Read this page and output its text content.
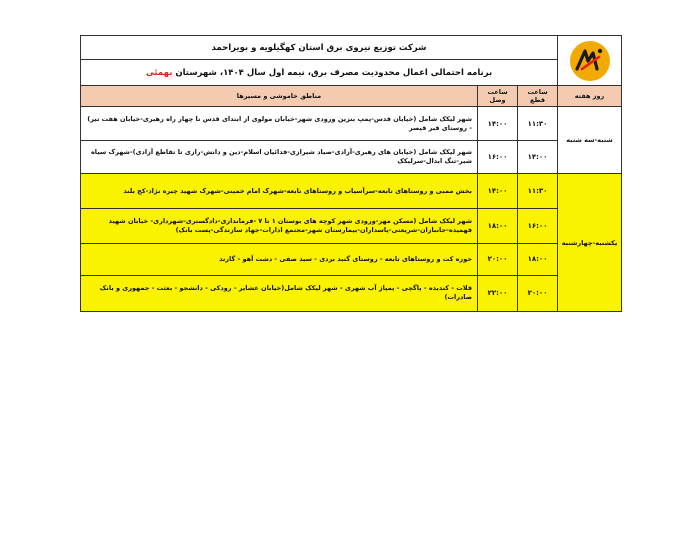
	شرکت توزیع نیروی برق استان کهگیلویه و بویراحمد		
	برنامه احتمالی اعمال محدودیت مصرف برق، نیمه اول سال ۱۴۰۴، شهرستان بهمئی		
روز هفته	ساعت قطع	ساعت وصل	مناطق خاموشی و مسیرها
شنبه-سه شنبه	۱۱:۳۰	۱۴:۰۰	شهر لیکک شامل (خیابان قدس-پمپ بنزین ورودی شهر-خیابان مولوی از ابتدای قدس تا چهار راه رهبری-خیابان هفت تیر) - روستای قیر قیصر
	۱۴:۰۰	۱۶:۰۰	شهر لیکک شامل (خیابان های رهبری-آزادی-صیاد شیرازی-فدائیان اسلام-دین و دانش-رازی تا تقاطع آزادی)-شهرک سیاه شیر-تنگ ابدال-سرلیکک
یکشنبه-چهارشنبه	۱۱:۳۰	۱۴:۰۰	بخش ممبی و روستاهای تابعه-سرآسیاب و روستاهای تابعه-شهرک امام خمینی-شهرک شهید چیره نژاد-کج بلند
	۱۶:۰۰	۱۸:۰۰	شهر لیکک شامل (مسکن مهر-ورودی شهر کوچه های بوستان ۱ تا ۷ -فرمانداری-دادگستری-شهرداری- خیابان شهید فهمیده-جانبازان-شریعتی-پاسداران-بیمارستان شهر-مجتمع ادارات-جهاد سازندگی-پست بانک)
	۱۸:۰۰	۲۰:۰۰	حوزه کت و روستاهای تابعه - روستای گنبد بردی - سید صفی - دشت آهو - گارند
	۲۰:۰۰	۲۲:۰۰	قلات - کندیده - پاگچی - پمپاژ آب شهری - شهر لیکک شامل(خیابان عشایر - رودکی - دانشجو - بعثت - جمهوری و بانک صادرات)
